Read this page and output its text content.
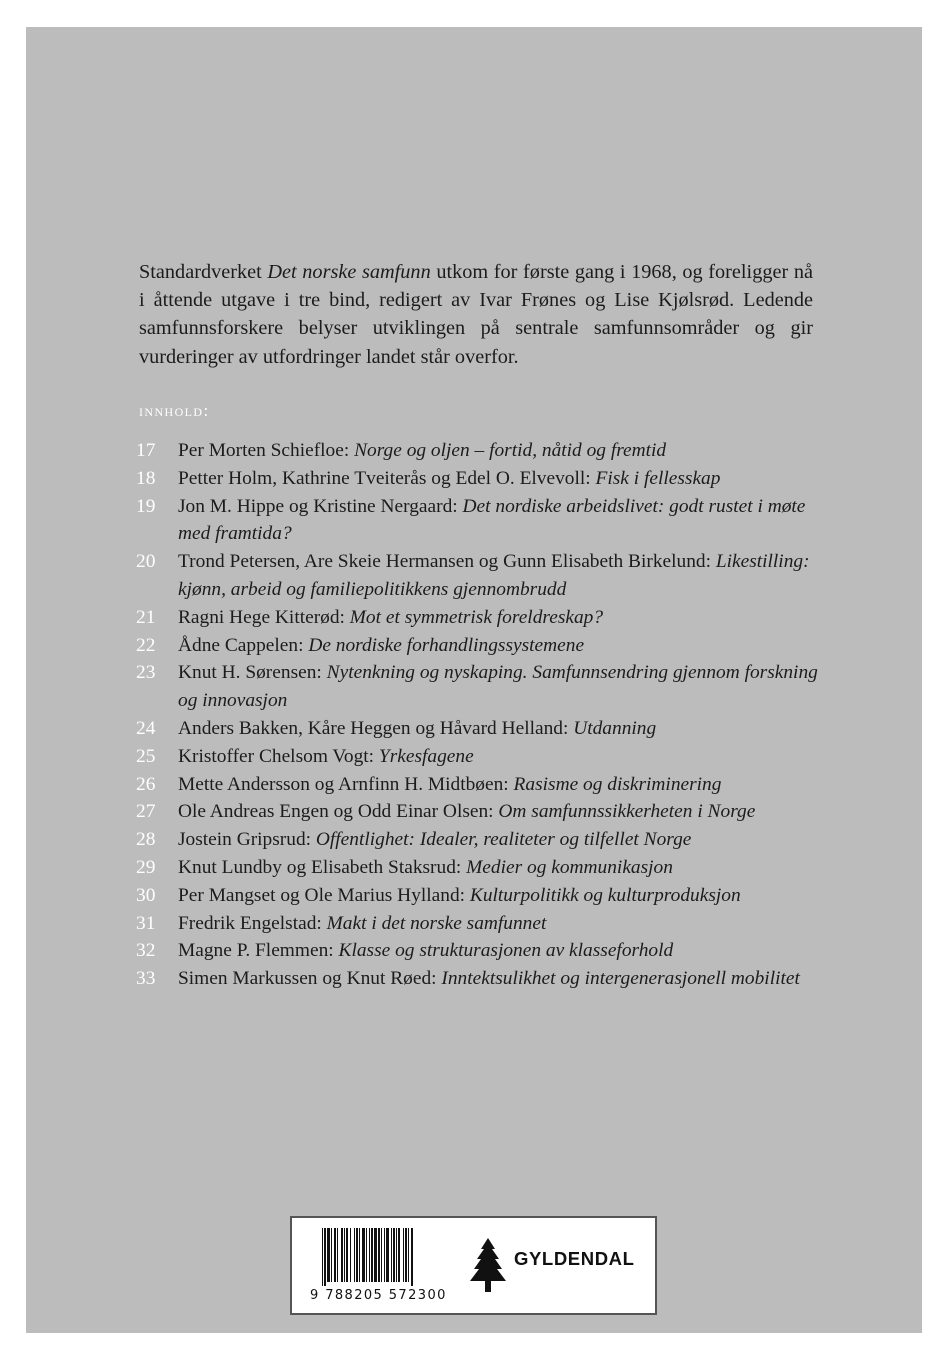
Standardverket Det norske samfunn utkom for første gang i 1968, og foreligger nå i åttende utgave i tre bind, redigert av Ivar Frønes og Lise Kjølsrød. Ledende samfunnsforskere belyser utviklingen på sentrale samfunnsområder og gir vurderinger av utfordringer landet står overfor.

innhold:

17 Per Morten Schiefloe: Norge og oljen – fortid, nåtid og fremtid
18 Petter Holm, Kathrine Tveiterås og Edel O. Elvevoll: Fisk i fellesskap
19 Jon M. Hippe og Kristine Nergaard: Det nordiske arbeidslivet: godt rustet i møte med framtida?
20 Trond Petersen, Are Skeie Hermansen og Gunn Elisabeth Birkelund: Likestilling: kjønn, arbeid og familiepolitikkens gjennombrudd
21 Ragni Hege Kitterød: Mot et symmetrisk foreldreskap?
22 Ådne Cappelen: De nordiske forhandlingssystemene
23 Knut H. Sørensen: Nytenkning og nyskaping. Samfunnsendring gjennom forskning og innovasjon
24 Anders Bakken, Kåre Heggen og Håvard Helland: Utdanning
25 Kristoffer Chelsom Vogt: Yrkesfagene
26 Mette Andersson og Arnfinn H. Midtbøen: Rasisme og diskriminering
27 Ole Andreas Engen og Odd Einar Olsen: Om samfunnssikkerheten i Norge
28 Jostein Gripsrud: Offentlighet: Idealer, realiteter og tilfellet Norge
29 Knut Lundby og Elisabeth Staksrud: Medier og kommunikasjon
30 Per Mangset og Ole Marius Hylland: Kulturpolitikk og kulturproduksjon
31 Fredrik Engelstad: Makt i det norske samfunnet
32 Magne P. Flemmen: Klasse og strukturasjonen av klasseforhold
33 Simen Markussen og Knut Røed: Inntektsulikhet og intergenerasjonell mobilitet
9 788205 572300
GYLDENDAL
